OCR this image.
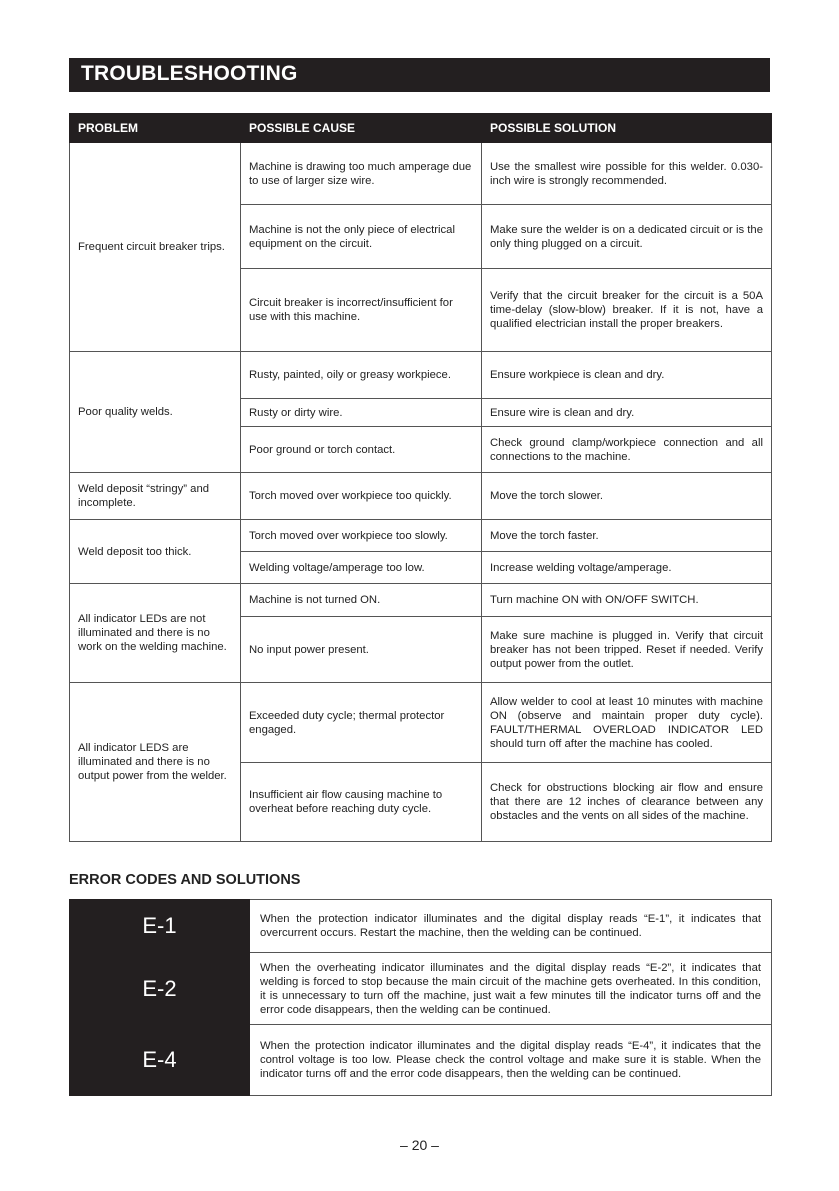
TROUBLESHOOTING
PROBLEM	POSSIBLE CAUSE	POSSIBLE SOLUTION
Frequent circuit breaker trips.	Machine is drawing too much amperage due to use of larger size wire.	Use the smallest wire possible for this welder. 0.030-inch wire is strongly recommended.
	Machine is not the only piece of electrical equipment on the circuit.	Make sure the welder is on a dedicated circuit or is the only thing plugged on a circuit.
	Circuit breaker is incorrect/insufficient for use with this machine.	Verify that the circuit breaker for the circuit is a 50A time-delay (slow-blow) breaker. If it is not, have a qualified electrician install the proper breakers.
Poor quality welds.	Rusty, painted, oily or greasy workpiece.	Ensure workpiece is clean and dry.
	Rusty or dirty wire.	Ensure wire is clean and dry.
	Poor ground or torch contact.	Check ground clamp/workpiece connection and all connections to the machine.
Weld deposit “stringy” and incomplete.	Torch moved over workpiece too quickly.	Move the torch slower.
Weld deposit too thick.	Torch moved over workpiece too slowly.	Move the torch faster.
	Welding voltage/amperage too low.	Increase welding voltage/amperage.
All indicator LEDs are not illuminated and there is no work on the welding machine.	Machine is not turned ON.	Turn machine ON with ON/OFF SWITCH.
	No input power present.	Make sure machine is plugged in. Verify that circuit breaker has not been tripped. Reset if needed. Verify output power from the outlet.
All indicator LEDS are illuminated and there is no output power from the welder.	Exceeded duty cycle; thermal protector engaged.	Allow welder to cool at least 10 minutes with machine ON (observe and maintain proper duty cycle). FAULT/THERMAL OVERLOAD INDICATOR LED should turn off after the machine has cooled.
	Insufficient air flow causing machine to overheat before reaching duty cycle.	Check for obstructions blocking air flow and ensure that there are 12 inches of clearance between any obstacles and the vents on all sides of the machine.
ERROR CODES AND SOLUTIONS
E-1	When the protection indicator illuminates and the digital display reads “E-1”, it indicates that overcurrent occurs. Restart the machine, then the welding can be continued.
E-2	When the overheating indicator illuminates and the digital display reads “E-2”, it indicates that welding is forced to stop because the main circuit of the machine gets overheated. In this condition, it is unnecessary to turn off the machine, just wait a few minutes till the indicator turns off and the error code disappears, then the welding can be continued.
E-4	When the protection indicator illuminates and the digital display reads “E-4”, it indicates that the control voltage is too low. Please check the control voltage and make sure it is stable. When the indicator turns off and the error code disappears, then the welding can be continued.
– 20 –
